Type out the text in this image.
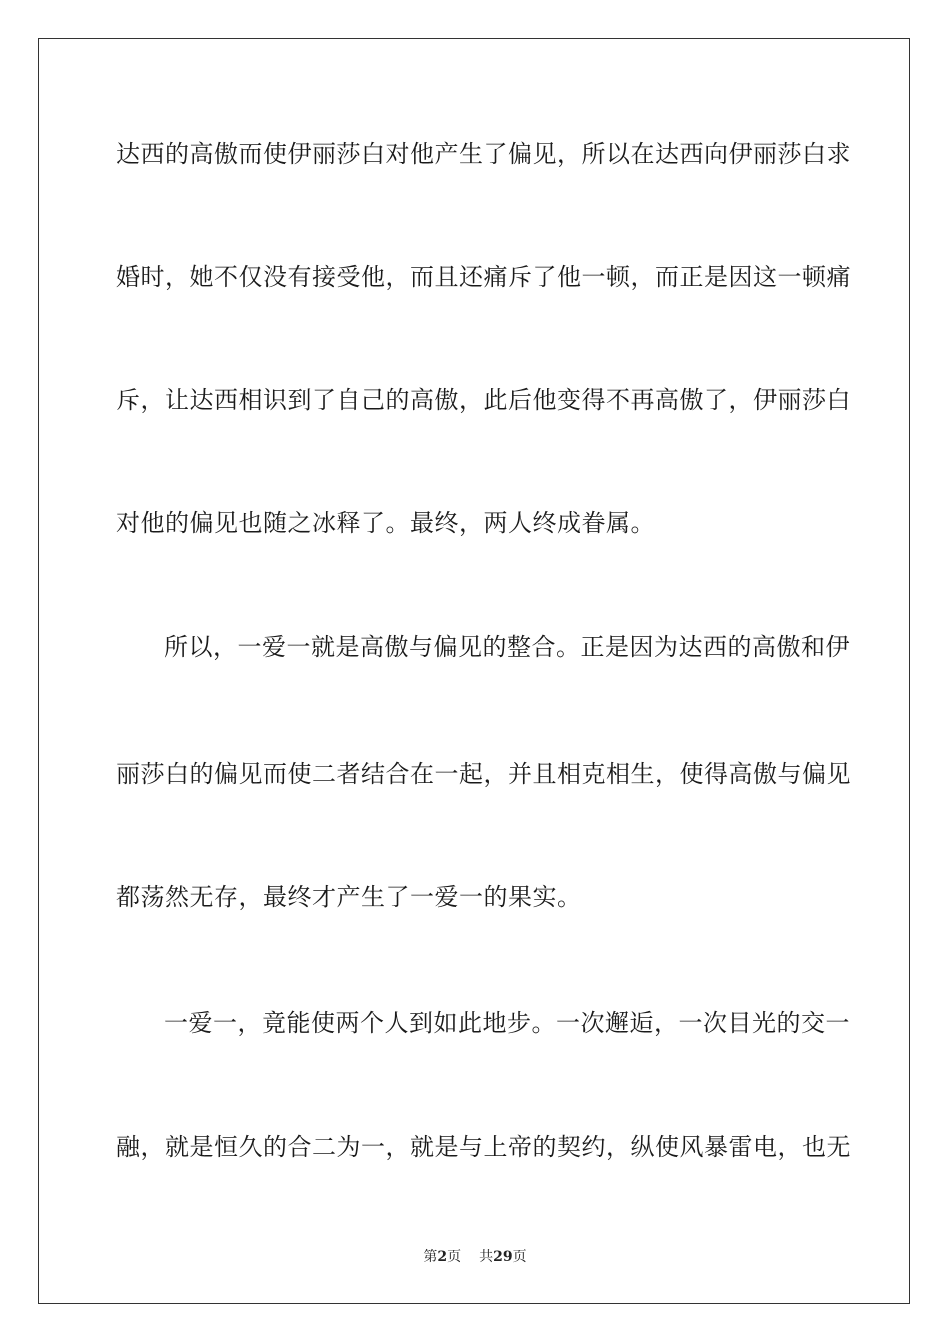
达西的高傲而使伊丽莎白对他产生了偏见，所以在达西向伊丽莎白求
婚时，她不仅没有接受他，而且还痛斥了他一顿，而正是因这一顿痛
斥，让达西相识到了自己的高傲，此后他变得不再高傲了，伊丽莎白
对他的偏见也随之冰释了。最终，两人终成眷属。
所以，一爱一就是高傲与偏见的整合。正是因为达西的高傲和伊
丽莎白的偏见而使二者结合在一起，并且相克相生，使得高傲与偏见
都荡然无存，最终才产生了一爱一的果实。
一爱一，竟能使两个人到如此地步。一次邂逅，一次目光的交一
融，就是恒久的合二为一，就是与上帝的契约，纵使风暴雷电，也无
第2页 共29页
